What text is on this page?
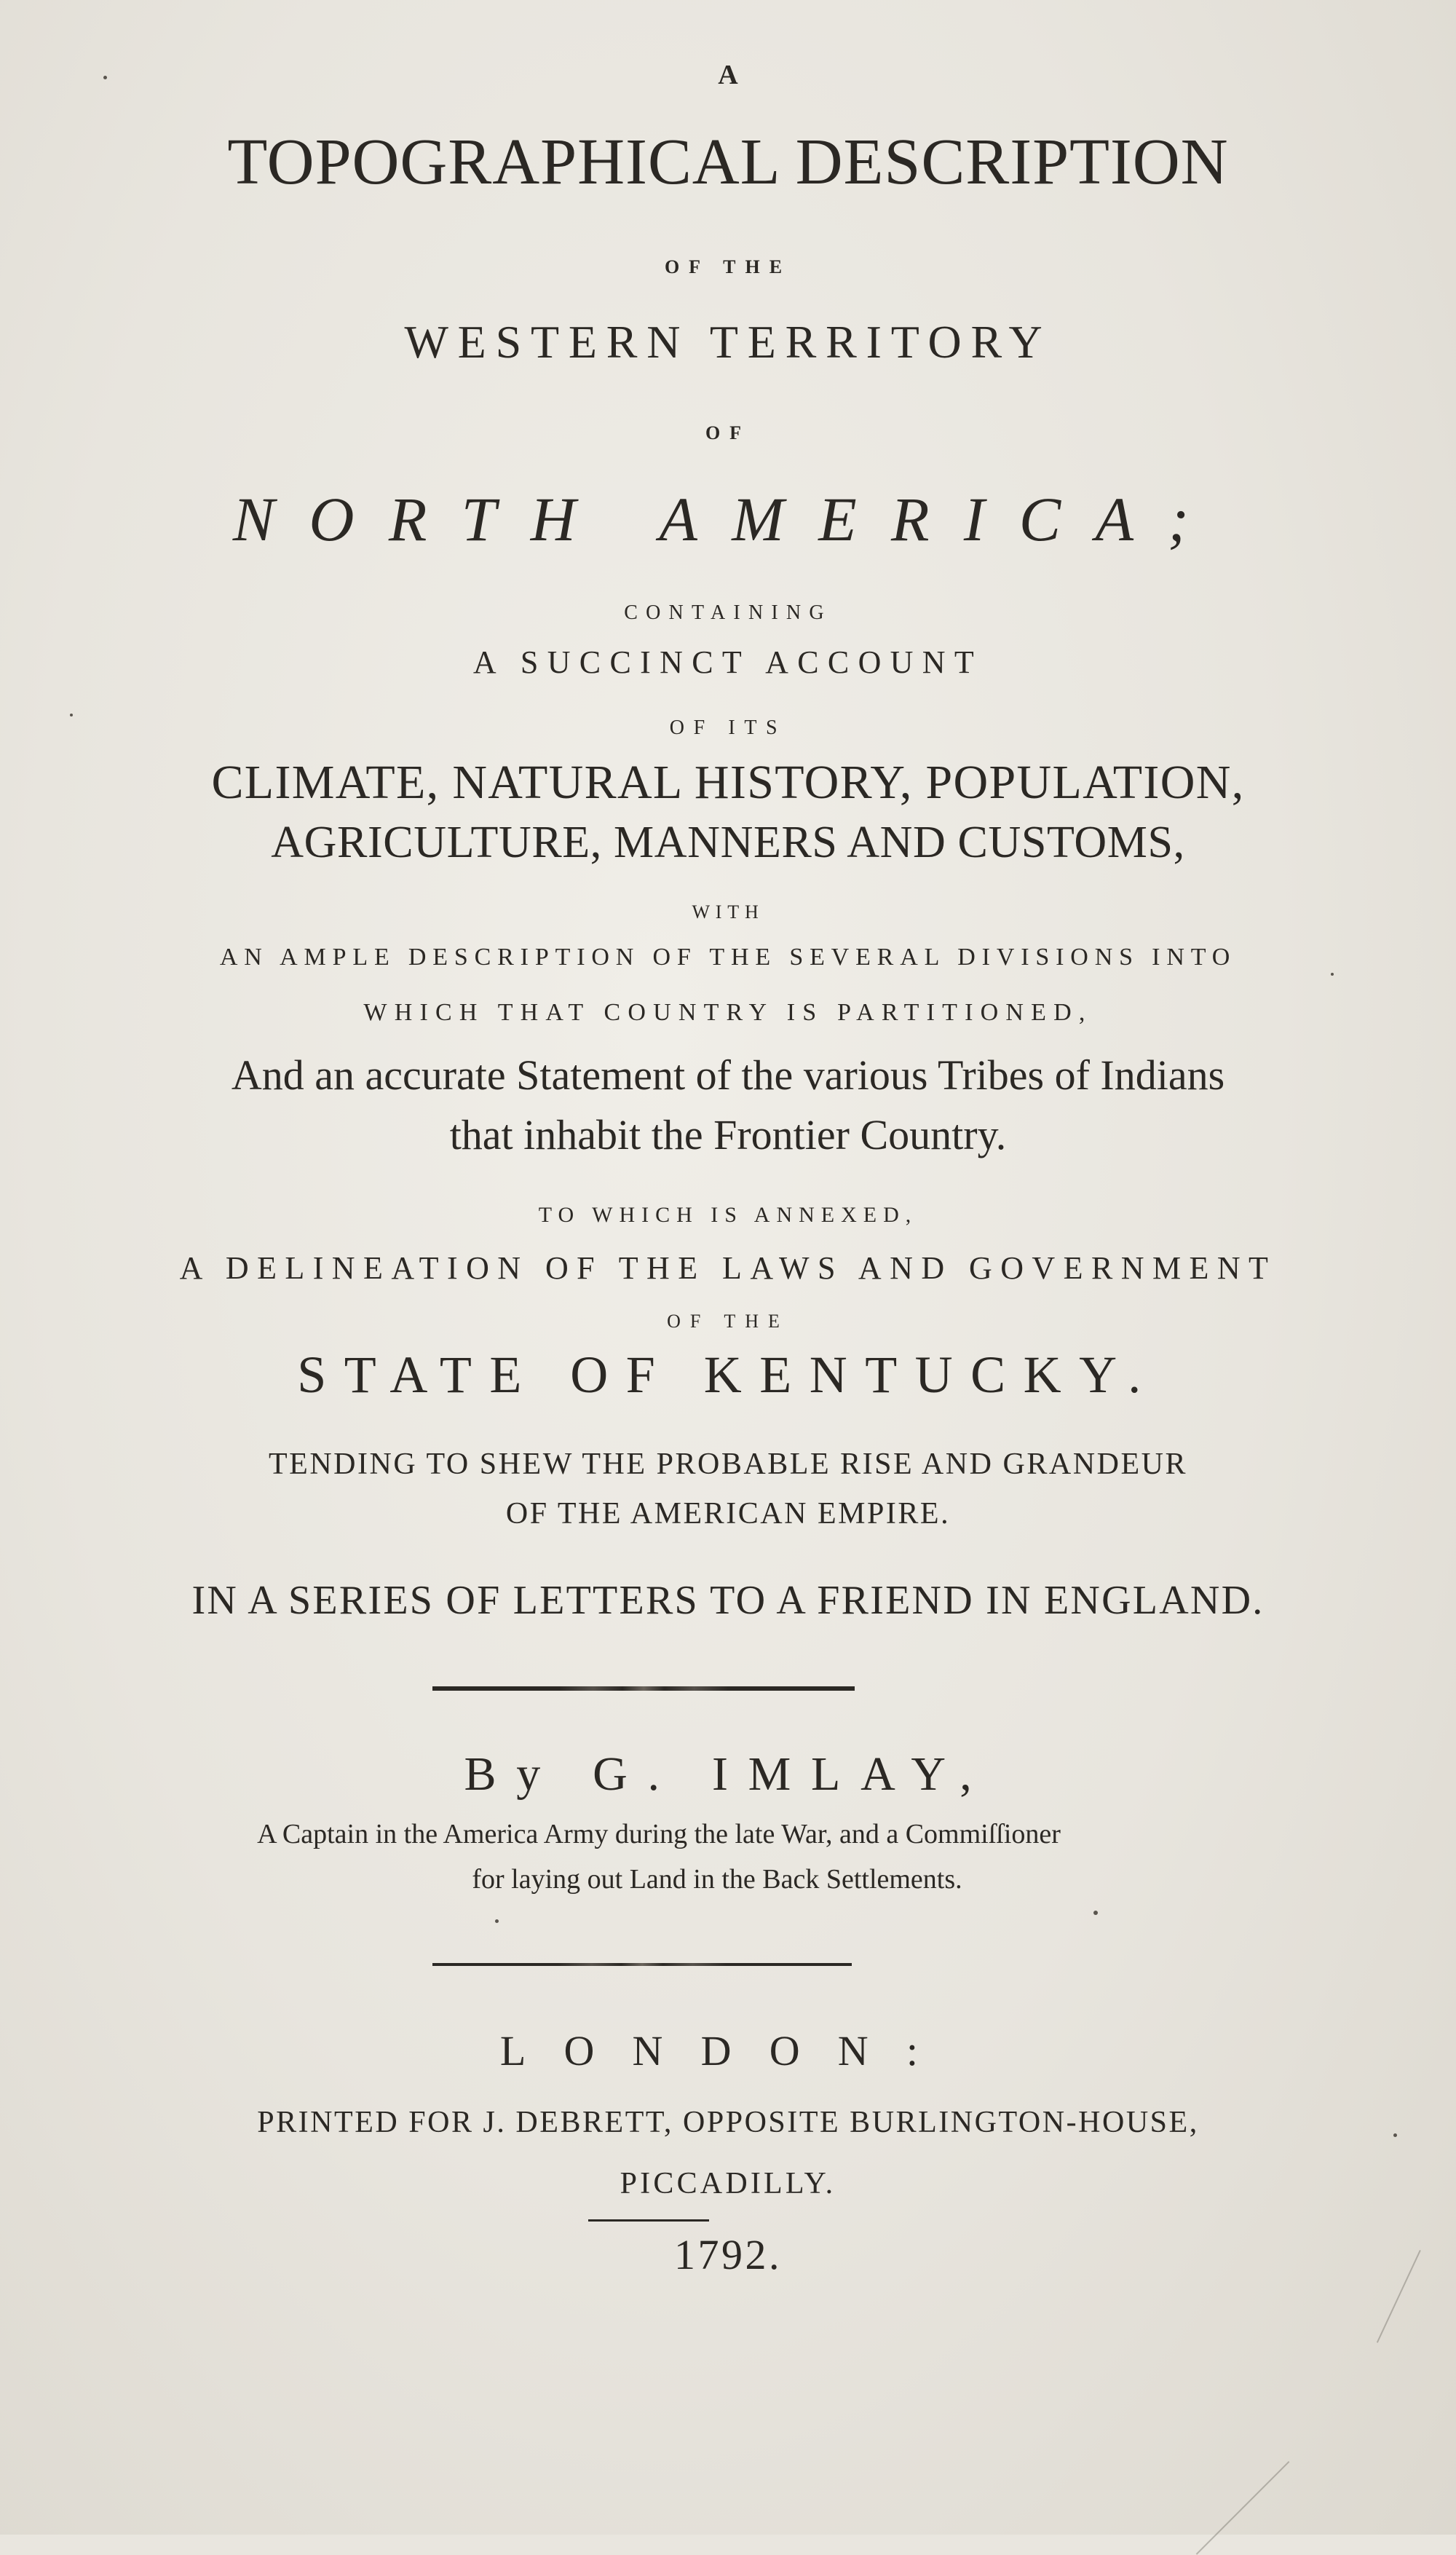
A

TOPOGRAPHICAL DESCRIPTION

OF THE

WESTERN TERRITORY

OF

NORTH AMERICA;

CONTAINING

A SUCCINCT ACCOUNT

OF ITS

CLIMATE, NATURAL HISTORY, POPULATION,

AGRICULTURE, MANNERS AND CUSTOMS,

WITH

AN AMPLE DESCRIPTION OF THE SEVERAL DIVISIONS INTO

WHICH THAT COUNTRY IS PARTITIONED,

And an accurate Statement of the various Tribes of Indians

that inhabit the Frontier Country.

TO WHICH IS ANNEXED,

A DELINEATION OF THE LAWS AND GOVERNMENT

OF THE

STATE OF KENTUCKY.

TENDING TO SHEW THE PROBABLE RISE AND GRANDEUR

OF THE AMERICAN EMPIRE.

IN A SERIES OF LETTERS TO A FRIEND IN ENGLAND.

By G. IMLAY,

A Captain in the America Army during the late War, and a Commiſſioner

for laying out Land in the Back Settlements.

LONDON:

PRINTED FOR J. DEBRETT, OPPOSITE BURLINGTON-HOUSE,

PICCADILLY.

1792.
